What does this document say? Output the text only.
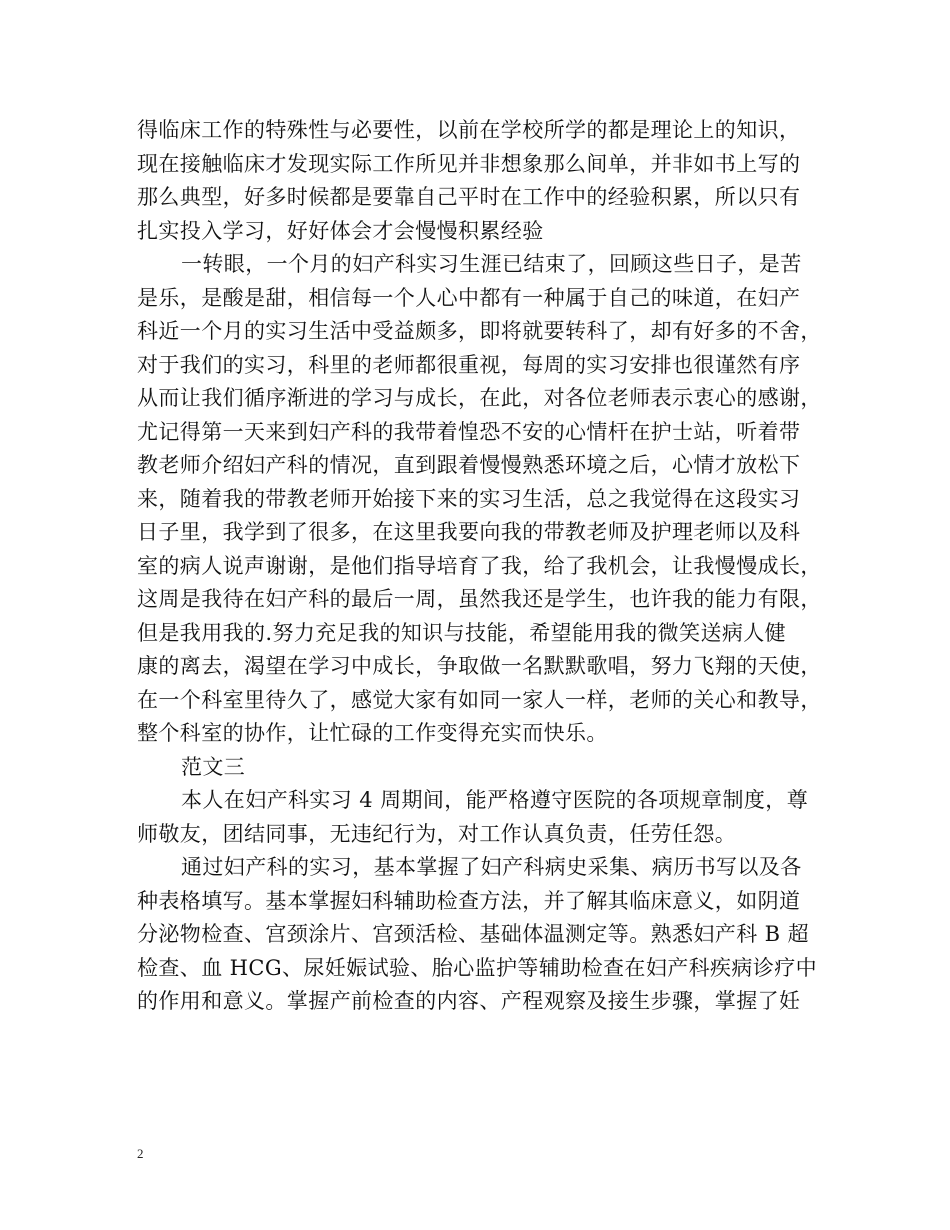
得临床工作的特殊性与必要性，以前在学校所学的都是理论上的知识，
现在接触临床才发现实际工作所见并非想象那么间单，并非如书上写的
那么典型，好多时候都是要靠自己平时在工作中的经验积累，所以只有
扎实投入学习，好好体会才会慢慢积累经验
一转眼，一个月的妇产科实习生涯已结束了，回顾这些日子，是苦
是乐，是酸是甜，相信每一个人心中都有一种属于自己的味道，在妇产
科近一个月的实习生活中受益颇多，即将就要转科了，却有好多的不舍，
对于我们的实习，科里的老师都很重视，每周的实习安排也很谨然有序
从而让我们循序渐进的学习与成长，在此，对各位老师表示衷心的感谢，
尤记得第一天来到妇产科的我带着惶恐不安的心情杆在护士站，听着带
教老师介绍妇产科的情况，直到跟着慢慢熟悉环境之后，心情才放松下
来，随着我的带教老师开始接下来的实习生活，总之我觉得在这段实习
日子里，我学到了很多，在这里我要向我的带教老师及护理老师以及科
室的病人说声谢谢，是他们指导培育了我，给了我机会，让我慢慢成长，
这周是我待在妇产科的最后一周，虽然我还是学生，也许我的能力有限，
但是我用我的.努力充足我的知识与技能，希望能用我的微笑送病人健
康的离去，渴望在学习中成长，争取做一名默默歌唱，努力飞翔的天使，
在一个科室里待久了，感觉大家有如同一家人一样，老师的关心和教导，
整个科室的协作，让忙碌的工作变得充实而快乐。
范文三
本人在妇产科实习 4 周期间，能严格遵守医院的各项规章制度，尊
师敬友，团结同事，无违纪行为，对工作认真负责，任劳任怨。
通过妇产科的实习，基本掌握了妇产科病史采集、病历书写以及各
种表格填写。基本掌握妇科辅助检查方法，并了解其临床意义，如阴道
分泌物检查、宫颈涂片、宫颈活检、基础体温测定等。熟悉妇产科 B 超
检查、血 HCG、尿妊娠试验、胎心监护等辅助检查在妇产科疾病诊疗中
的作用和意义。掌握产前检查的内容、产程观察及接生步骤，掌握了妊
2
